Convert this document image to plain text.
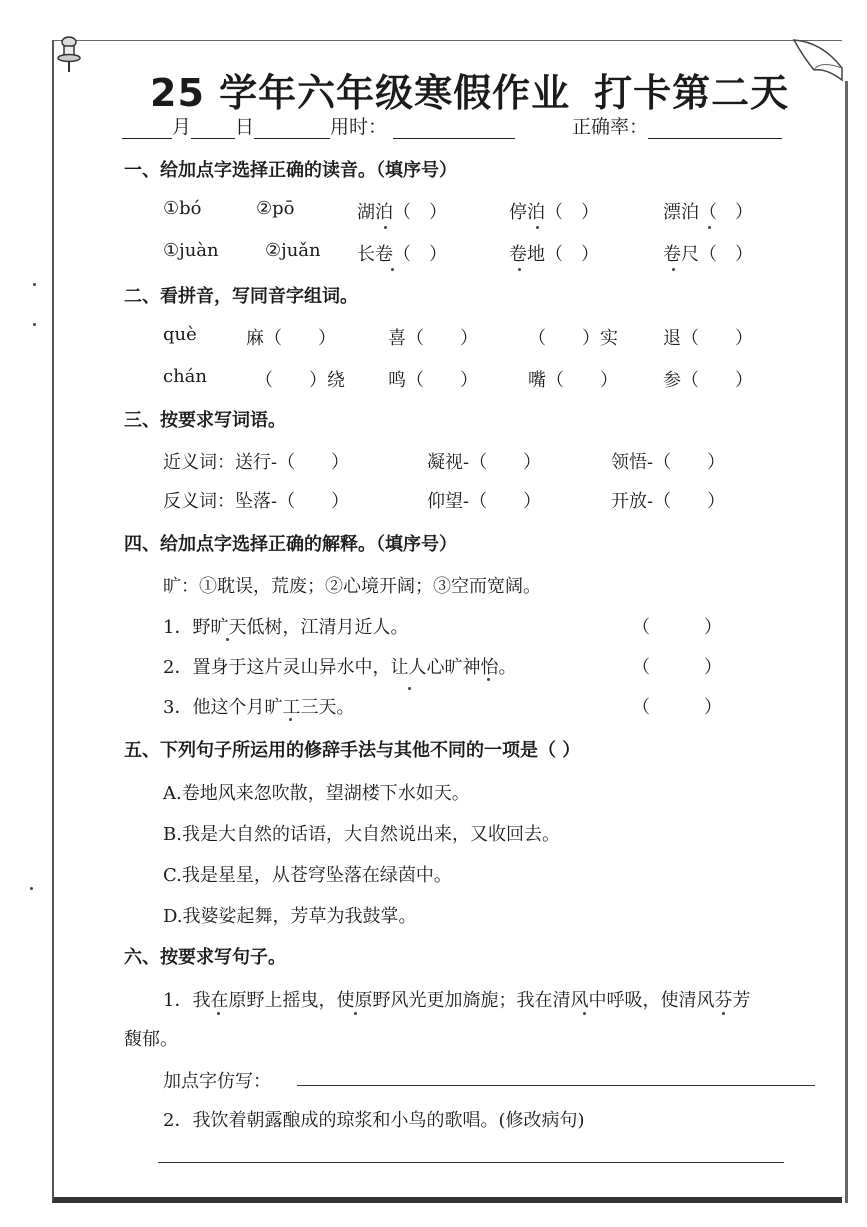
25 学年六年级寒假作业 打卡第二天
月 日	用时：	正确率：
一、给加点字选择正确的读音。（填序号）
①bó	②pō	湖泊（　）	停泊（　）	漂泊（　）
①juàn	②juǎn 长卷（　）	卷地（　）	卷尺（　）
二、看拼音，写同音字组词。
què	麻（　　）	喜（　　）	（　　）实	退（　　）
chán	（　　）绕 鸣（　　）	嘴（　　）	参（　　）
三、按要求写词语。
近义词：送行-（　　）	凝视-（　　）	领悟-（　　）
反义词：坠落-（　　）	仰望-（　　）	开放-（　　）
四、给加点字选择正确的解释。（填序号）
旷：①耽误，荒废；②心境开阔；③空而宽阔。
1．野旷天低树，江清月近人。	（　　　）
2．置身于这片灵山异水中，让人心旷神怡。	（　　　）
3．他这个月旷工三天。	（　　　）
五、下列句子所运用的修辞手法与其他不同的一项是（ ）
A.卷地风来忽吹散，望湖楼下水如天。
B.我是大自然的话语，大自然说出来，又收回去。
C.我是星星，从苍穹坠落在绿茵中。
D.我婆娑起舞，芳草为我鼓掌。
六、按要求写句子。
1．我在原野上摇曳，使原野风光更加旖旎；我在清风中呼吸，使清风芬芳
馥郁。
加点字仿写：
2．我饮着朝露酿成的琼浆和小鸟的歌唱。(修改病句)
